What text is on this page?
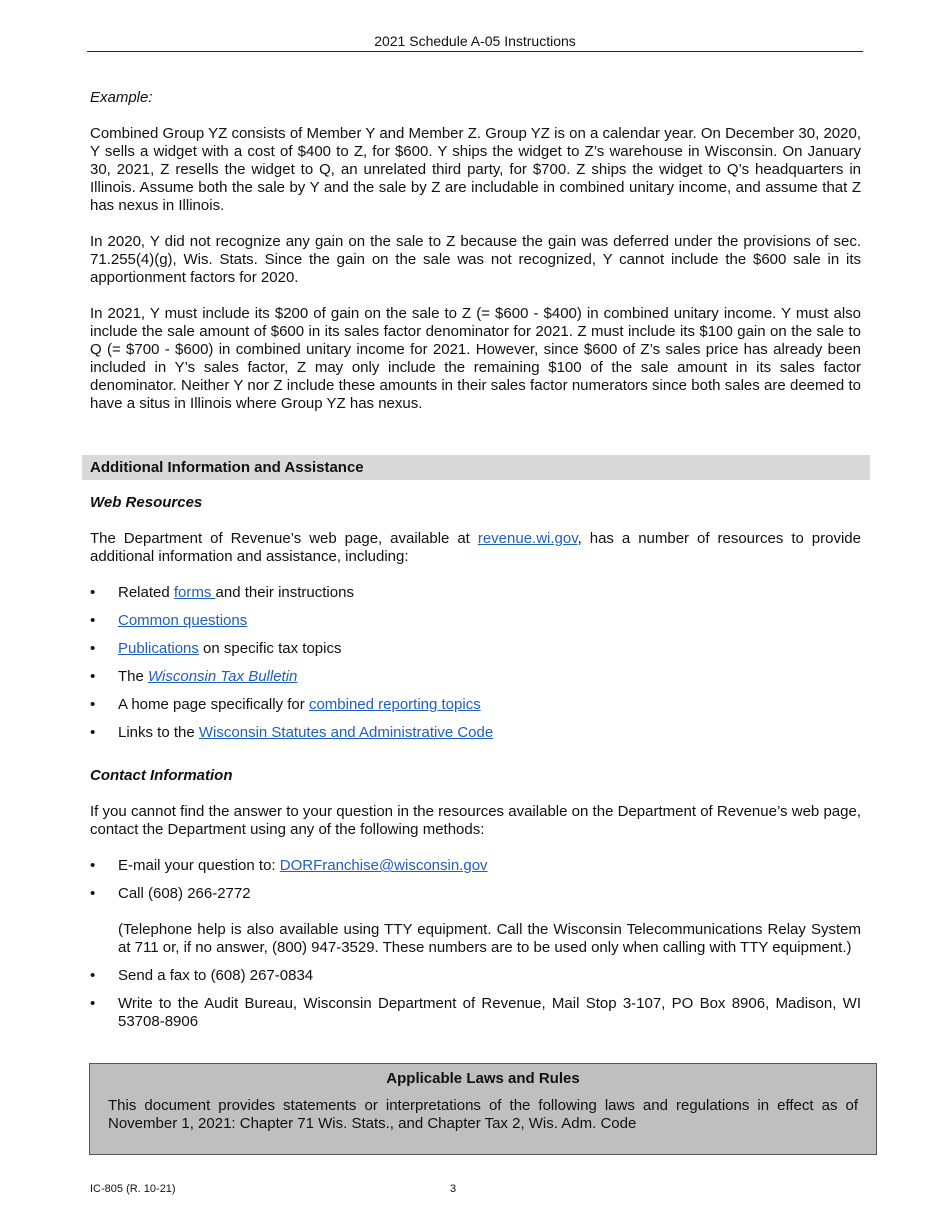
2021 Schedule A-05 Instructions

Example:

Combined Group YZ consists of Member Y and Member Z. Group YZ is on a calendar year. On December 30, 2020, Y sells a widget with a cost of $400 to Z, for $600. Y ships the widget to Z’s warehouse in Wisconsin. On January 30, 2021, Z resells the widget to Q, an unrelated third party, for $700. Z ships the widget to Q’s headquarters in Illinois. Assume both the sale by Y and the sale by Z are includable in combined unitary income, and assume that Z has nexus in Illinois.

In 2020, Y did not recognize any gain on the sale to Z because the gain was deferred under the provisions of sec. 71.255(4)(g), Wis. Stats. Since the gain on the sale was not recognized, Y cannot include the $600 sale in its apportionment factors for 2020.

In 2021, Y must include its $200 of gain on the sale to Z (= $600 - $400) in combined unitary income. Y must also include the sale amount of $600 in its sales factor denominator for 2021. Z must include its $100 gain on the sale to Q (= $700 - $600) in combined unitary income for 2021. However, since $600 of Z’s sales price has already been included in Y’s sales factor, Z may only include the remaining $100 of the sale amount in its sales factor denominator. Neither Y nor Z include these amounts in their sales factor numerators since both sales are deemed to have a situs in Illinois where Group YZ has nexus.

Additional Information and Assistance

Web Resources

The Department of Revenue’s web page, available at revenue.wi.gov, has a number of resources to provide additional information and assistance, including:

• Related forms and their instructions
• Common questions
• Publications on specific tax topics
• The Wisconsin Tax Bulletin
• A home page specifically for combined reporting topics
• Links to the Wisconsin Statutes and Administrative Code

Contact Information

If you cannot find the answer to your question in the resources available on the Department of Revenue’s web page, contact the Department using any of the following methods:

• E-mail your question to: DORFranchise@wisconsin.gov
• Call (608) 266-2772

(Telephone help is also available using TTY equipment. Call the Wisconsin Telecommunications Relay System at 711 or, if no answer, (800) 947-3529. These numbers are to be used only when calling with TTY equipment.)

• Send a fax to (608) 267-0834
• Write to the Audit Bureau, Wisconsin Department of Revenue, Mail Stop 3-107, PO Box 8906, Madison, WI 53708-8906
Applicable Laws and Rules

This document provides statements or interpretations of the following laws and regulations in effect as of November 1, 2021: Chapter 71 Wis. Stats., and Chapter Tax 2, Wis. Adm. Code

IC-805 (R. 10-21)	3
